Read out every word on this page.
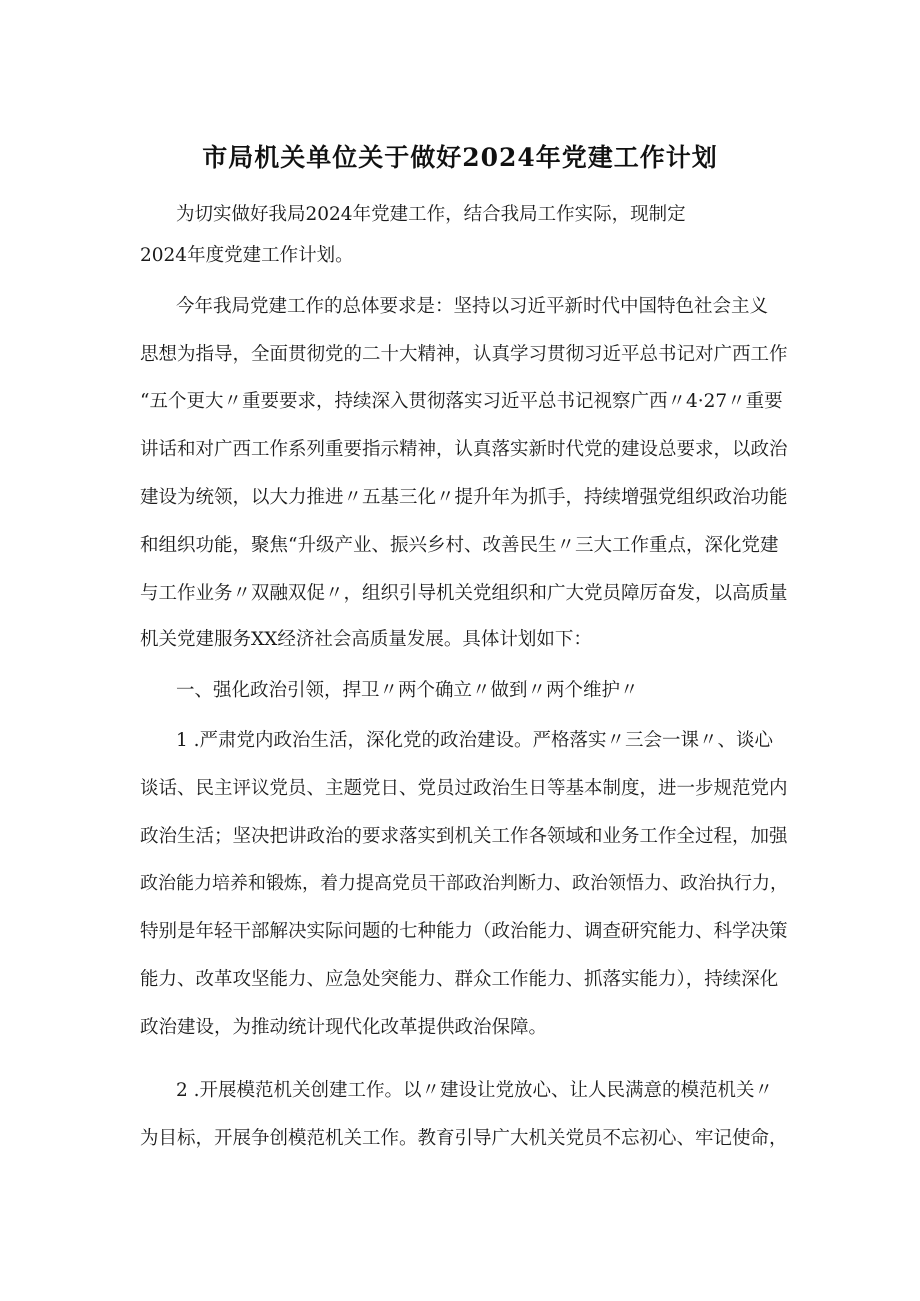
市局机关单位关于做好2024年党建工作计划
为切实做好我局2024年党建工作，结合我局工作实际，现制定
2024年度党建工作计划。
今年我局党建工作的总体要求是：坚持以习近平新时代中国特色社会主义
思想为指导，全面贯彻党的二十大精神，认真学习贯彻习近平总书记对广西工作
“五个更大〃重要要求，持续深入贯彻落实习近平总书记视察广西〃4·27〃重要
讲话和对广西工作系列重要指示精神，认真落实新时代党的建设总要求，以政治
建设为统领，以大力推进〃五基三化〃提升年为抓手，持续增强党组织政治功能
和组织功能，聚焦“升级产业、振兴乡村、改善民生〃三大工作重点，深化党建
与工作业务〃双融双促〃，组织引导机关党组织和广大党员障厉奋发，以高质量
机关党建服务XX经济社会高质量发展。具体计划如下：
一、强化政治引领，捍卫〃两个确立〃做到〃两个维护〃
1 .严肃党内政治生活，深化党的政治建设。严格落实〃三会一课〃、谈心
谈话、民主评议党员、主题党日、党员过政治生日等基本制度，进一步规范党内
政治生活；坚决把讲政治的要求落实到机关工作各领域和业务工作全过程，加强
政治能力培养和锻炼，着力提高党员干部政治判断力、政治领悟力、政治执行力，
特别是年轻干部解决实际问题的七种能力（政治能力、调查研究能力、科学决策
能力、改革攻坚能力、应急处突能力、群众工作能力、抓落实能力），持续深化
政治建设，为推动统计现代化改革提供政治保障。
2 .开展模范机关创建工作。以〃建设让党放心、让人民满意的模范机关〃
为目标，开展争创模范机关工作。教育引导广大机关党员不忘初心、牢记使命，
